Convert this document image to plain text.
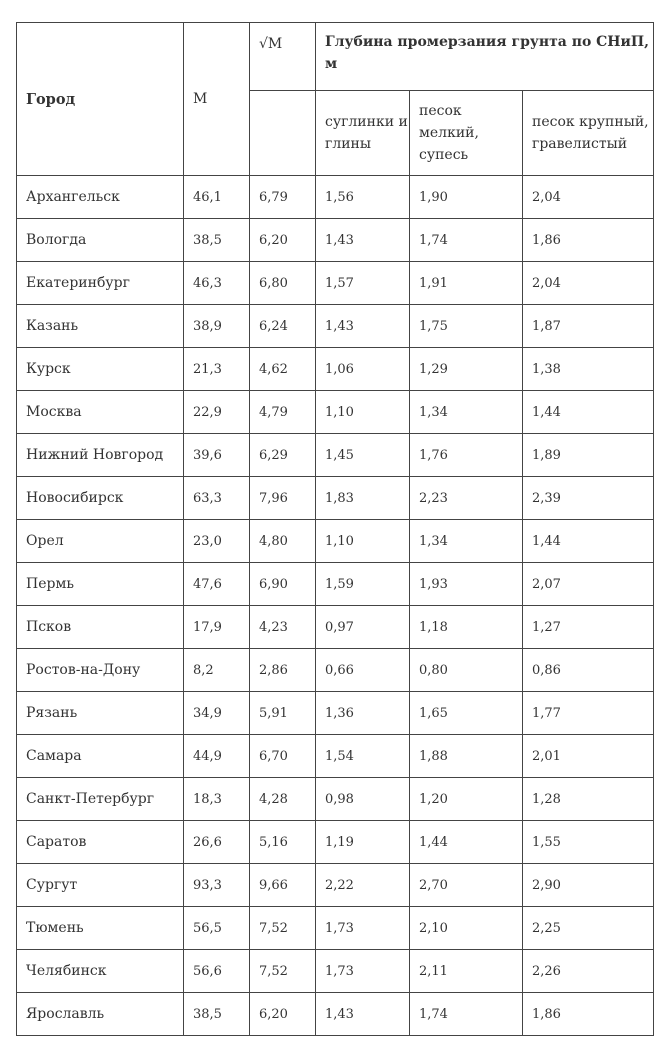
Город	М	√М	Глубина промерзания грунта по СНиП, м		
			суглинки и глины	песок мелкий, супесь	песок крупный, гравелистый
Архангельск	46,1	6,79	1,56	1,90	2,04
Вологда	38,5	6,20	1,43	1,74	1,86
Екатеринбург	46,3	6,80	1,57	1,91	2,04
Казань	38,9	6,24	1,43	1,75	1,87
Курск	21,3	4,62	1,06	1,29	1,38
Москва	22,9	4,79	1,10	1,34	1,44
Нижний Новгород	39,6	6,29	1,45	1,76	1,89
Новосибирск	63,3	7,96	1,83	2,23	2,39
Орел	23,0	4,80	1,10	1,34	1,44
Пермь	47,6	6,90	1,59	1,93	2,07
Псков	17,9	4,23	0,97	1,18	1,27
Ростов-на-Дону	8,2	2,86	0,66	0,80	0,86
Рязань	34,9	5,91	1,36	1,65	1,77
Самара	44,9	6,70	1,54	1,88	2,01
Санкт-Петербург	18,3	4,28	0,98	1,20	1,28
Саратов	26,6	5,16	1,19	1,44	1,55
Сургут	93,3	9,66	2,22	2,70	2,90
Тюмень	56,5	7,52	1,73	2,10	2,25
Челябинск	56,6	7,52	1,73	2,11	2,26
Ярославль	38,5	6,20	1,43	1,74	1,86
